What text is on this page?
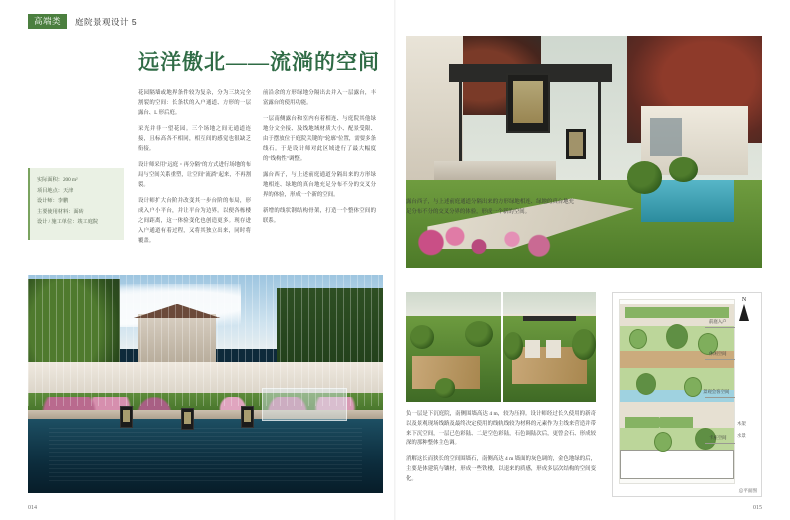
高端类	庭院景观设计 5
远洋傲北——流淌的空间

花园隔墙或地界条件较为复杂，分为三块完全割裂的空间：长条状的入户通道、方形的一层露台、L 形后庭。

采光并非一望花园。三个场地之间无通道连接，且标高各不相同，相互间的感觉也很缺乏衔接。

设计师采用"远庭・再分隔"的方式进行场地的布局与空间关系重塑，让空间"流淌"起来，不再割裂。

设计师扩大台阶并改变其一步台阶的布局，形成入户小平台，并让平台为边界。以便各栋楼之间距离，这一体验变化也创造更多。现存进入户通道有着过程，又将其独立出来，同时将覆盖。

前沿余的方形绿地分隔出去并入一层露台，丰富露台的使用功能。

一层南侧露台和室内有着相连、与庭院其他绿地分文全接、及线地域材质大小、配景受限、由于摆放位于庭院关键的"轮廓"位置，需要多条线石。于是设计师对此区域进行了最大幅度的"线构性"调整。

露台西子，与上述前庭通道分隔出来的方形绿地相连、绿地的真台地充足分布不分的交叉分界的体验，形成一个新的空间。

新增的线状钢结构骨架，打造一个整体空间的联系。

实际面积：200 m²
项目地点：天津
设计师：李鹏
主要使用材料：面砖
设计 / 施工单位：竣工庭院
014

露台西子，与上述前庭通道分隔出来的方形绿地相连、绿地的真台地充足分布不分的交叉分界的体验，形成一个新的空间。

负一层是下沉庭院，南侧围墙高达 4 m，较为压抑。设计师经过长久使用的新奇以及景观现场线路及最终决定使用的线轨线较为材料的元素作为主线来营造并带来下沉空间，一层已色彩陆、二是空色彩陆，石色调陆次后，更曾会石、形成较深的那种整体主色调。

消解这长而狭长的空间围墙石，南侧高达 4 m 墙面的灰色调的，金色地绿的后，主要是体建筑与镶材，形成一些铁楼，以退来的质感，形成多层次结构的空间变化。

N
前庭入户
休闲空间
景观会客空间
卡座空间
木架
水景
总平面图
015
